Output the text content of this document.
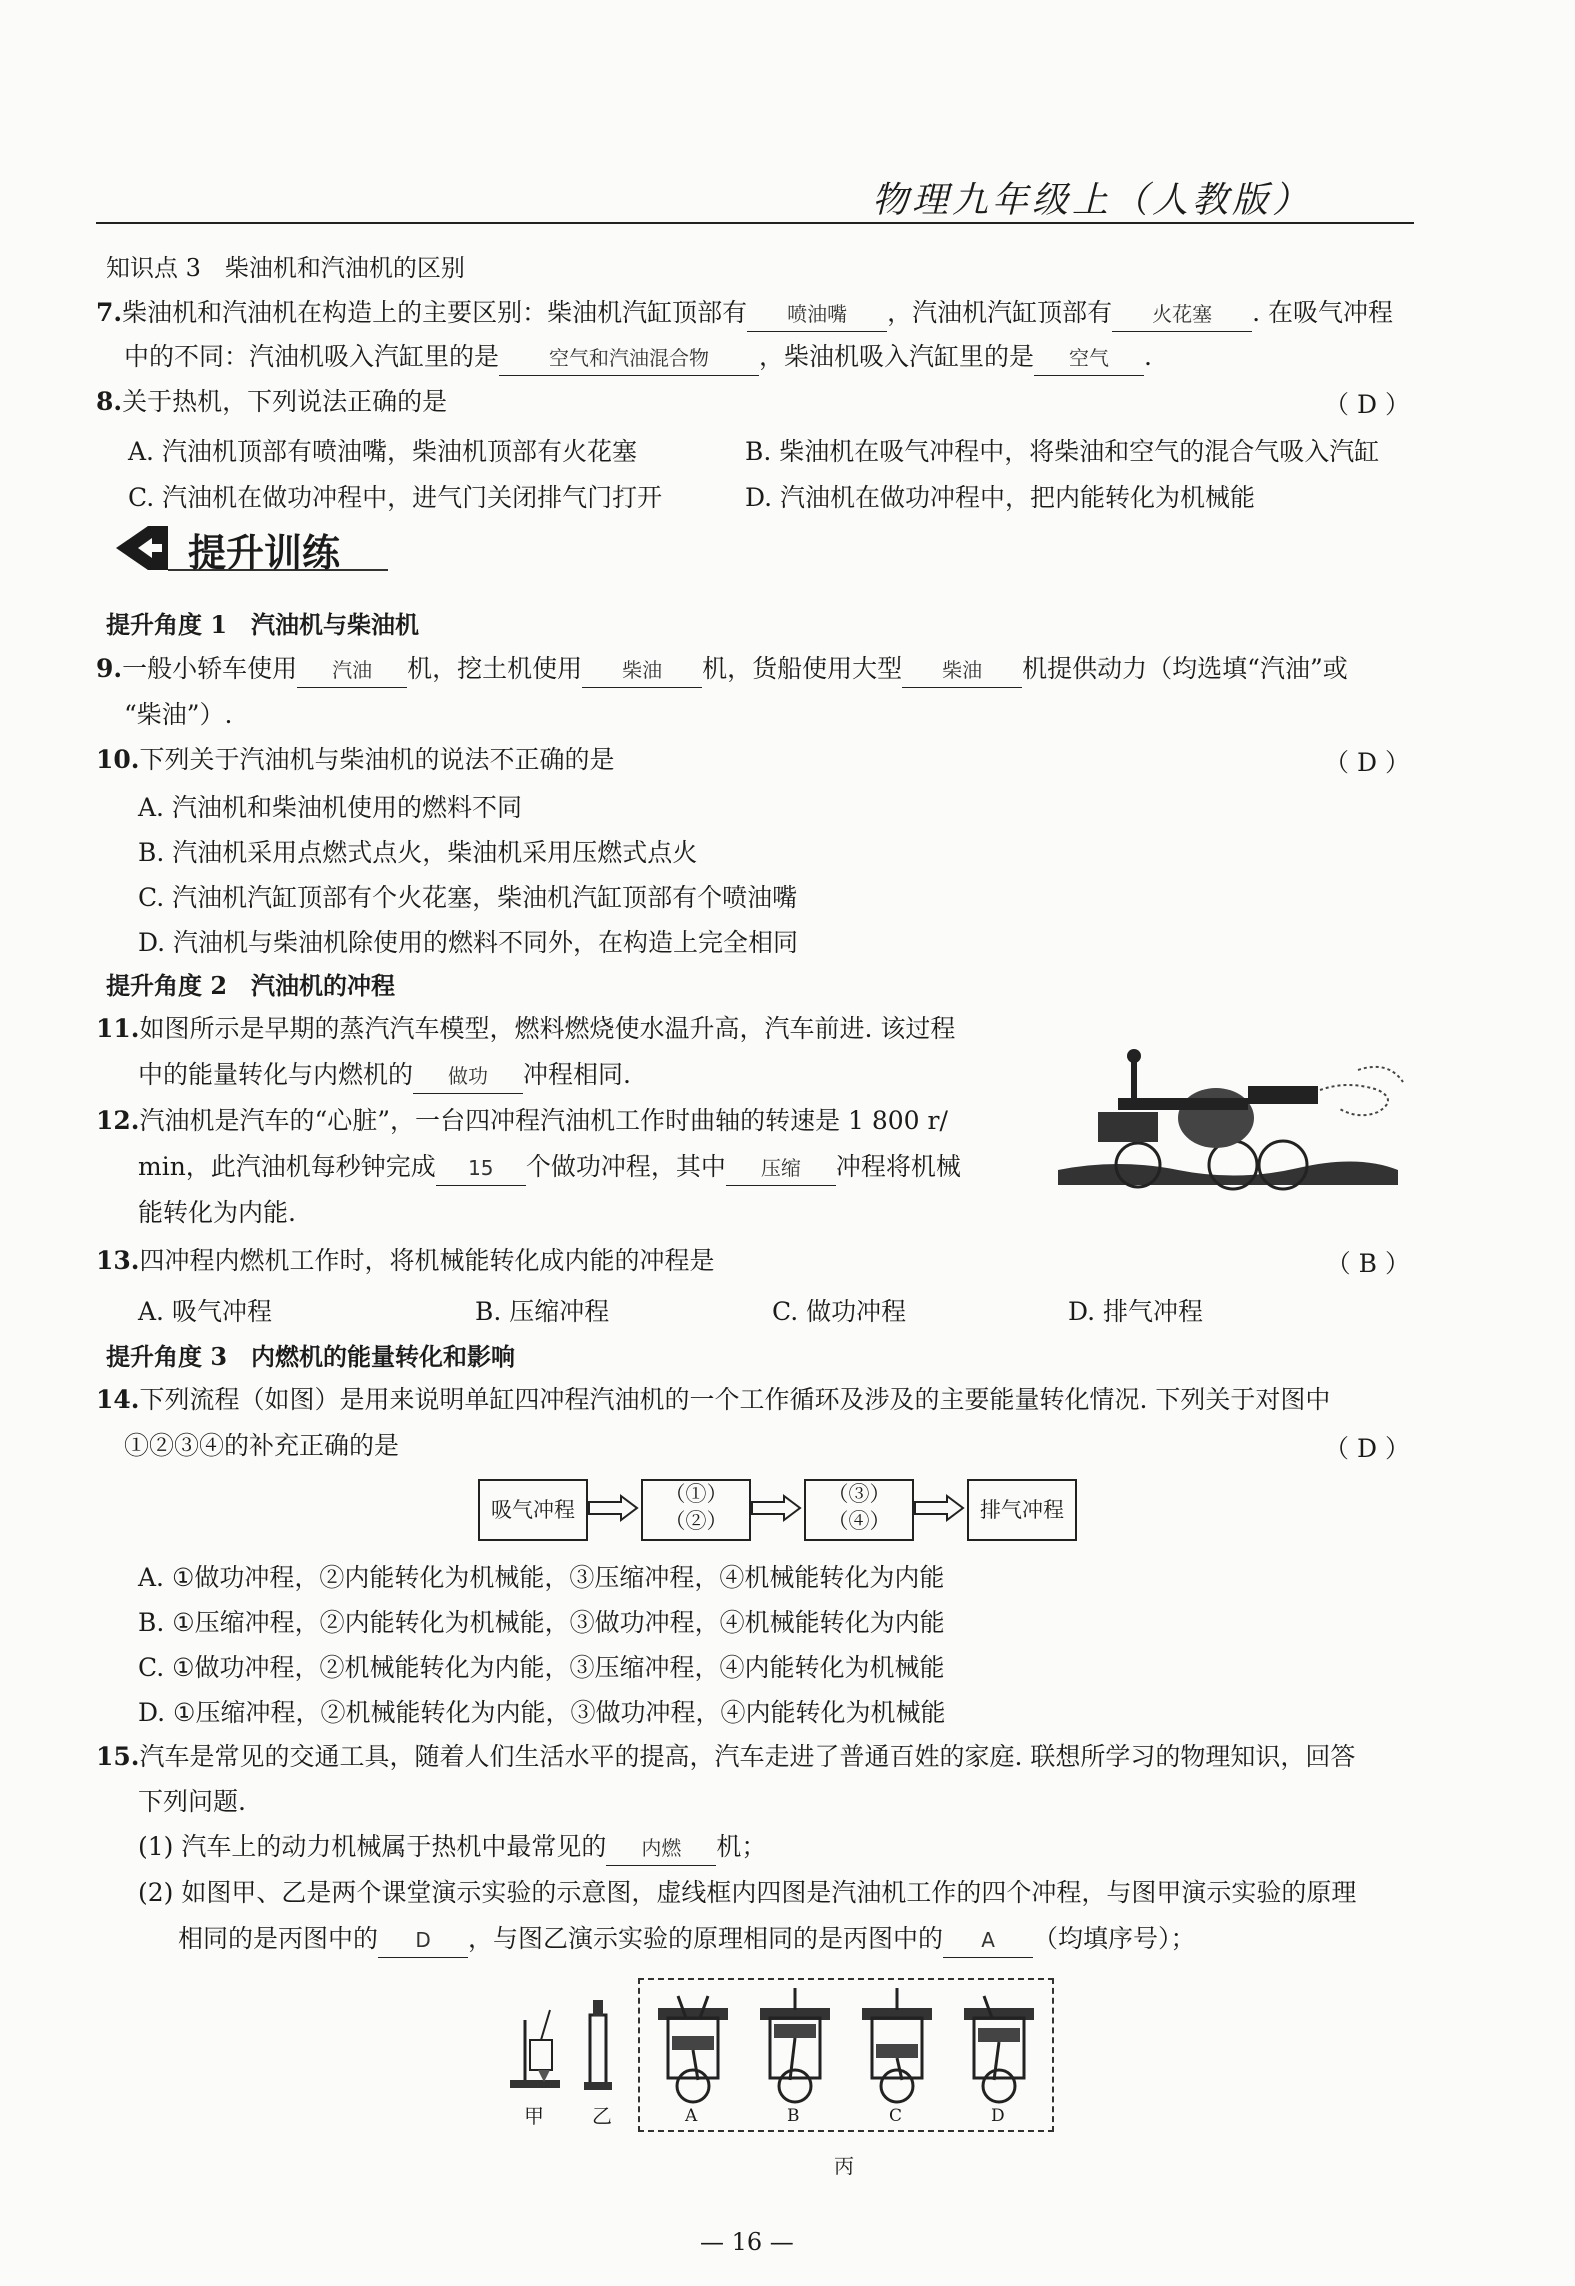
物理九年级上（人教版）
知识点 3　柴油机和汽油机的区别
7.柴油机和汽油机在构造上的主要区别：柴油机汽缸顶部有 喷油嘴 ，汽油机汽缸顶部有 火花塞 . 在吸气冲程
中的不同：汽油机吸入汽缸里的是	空气和汽油混合物 ，柴油机吸入汽缸里的是 空气 .
8.关于热机，下列说法正确的是	（ D ）
A. 汽油机顶部有喷油嘴，柴油机顶部有火花塞	B. 柴油机在吸气冲程中，将柴油和空气的混合气吸入汽缸
C. 汽油机在做功冲程中，进气门关闭排气门打开	D. 汽油机在做功冲程中，把内能转化为机械能
提升训练
提升角度 1　汽油机与柴油机
9.一般小轿车使用 汽油 机，挖土机使用 柴油 机，货船使用大型 柴油 机提供动力（均选填“汽油”或
“柴油”）.
10.下列关于汽油机与柴油机的说法不正确的是	（ D ）
A. 汽油机和柴油机使用的燃料不同
B. 汽油机采用点燃式点火，柴油机采用压燃式点火
C. 汽油机汽缸顶部有个火花塞，柴油机汽缸顶部有个喷油嘴
D. 汽油机与柴油机除使用的燃料不同外，在构造上完全相同
提升角度 2　汽油机的冲程
11.如图所示是早期的蒸汽汽车模型，燃料燃烧使水温升高，汽车前进. 该过程
中的能量转化与内燃机的 做功 冲程相同.
12.汽油机是汽车的“心脏”，一台四冲程汽油机工作时曲轴的转速是 1 800 r/
min，此汽油机每秒钟完成 15 个做功冲程，其中 压缩 冲程将机械
能转化为内能.
13.四冲程内燃机工作时，将机械能转化成内能的冲程是	（ B ）
A. 吸气冲程	B. 压缩冲程	C. 做功冲程	D. 排气冲程
提升角度 3　内燃机的能量转化和影响
14.下列流程（如图）是用来说明单缸四冲程汽油机的一个工作循环及涉及的主要能量转化情况. 下列关于对图中
①②③④的补充正确的是	（ D ）
吸气冲程
（①）
（②）
（③）
（④）	排气冲程
A. ①做功冲程，②内能转化为机械能，③压缩冲程，④机械能转化为内能
B. ①压缩冲程，②内能转化为机械能，③做功冲程，④机械能转化为内能
C. ①做功冲程，②机械能转化为内能，③压缩冲程，④内能转化为机械能
D. ①压缩冲程，②机械能转化为内能，③做功冲程，④内能转化为机械能
15.汽车是常见的交通工具，随着人们生活水平的提高，汽车走进了普通百姓的家庭. 联想所学习的物理知识，回答
下列问题.
(1) 汽车上的动力机械属于热机中最常见的 内燃 机；
(2) 如图甲、乙是两个课堂演示实验的示意图，虚线框内四图是汽油机工作的四个冲程，与图甲演示实验的原理
相同的是丙图中的 D ，与图乙演示实验的原理相同的是丙图中的 A （均填序号）；
甲 乙	A	B	C	D
丙
— 16 —
